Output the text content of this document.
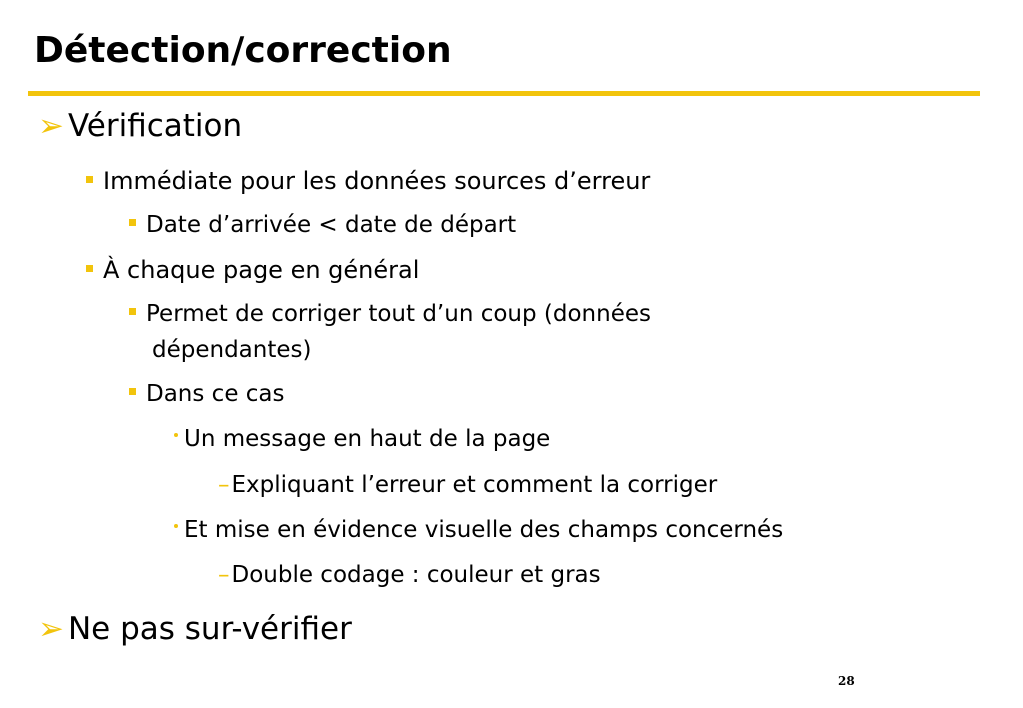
Détection/correction
➢ Vérification
Immédiate pour les données sources d’erreur
Date d’arrivée < date de départ
À chaque page en général
Permet de corriger tout d’un coup (données
dépendantes)
Dans ce cas
Un message en haut de la page
–Expliquant l’erreur et comment la corriger
Et mise en évidence visuelle des champs concernés
–Double codage : couleur et gras
➢ Ne pas sur-vérifier
28
